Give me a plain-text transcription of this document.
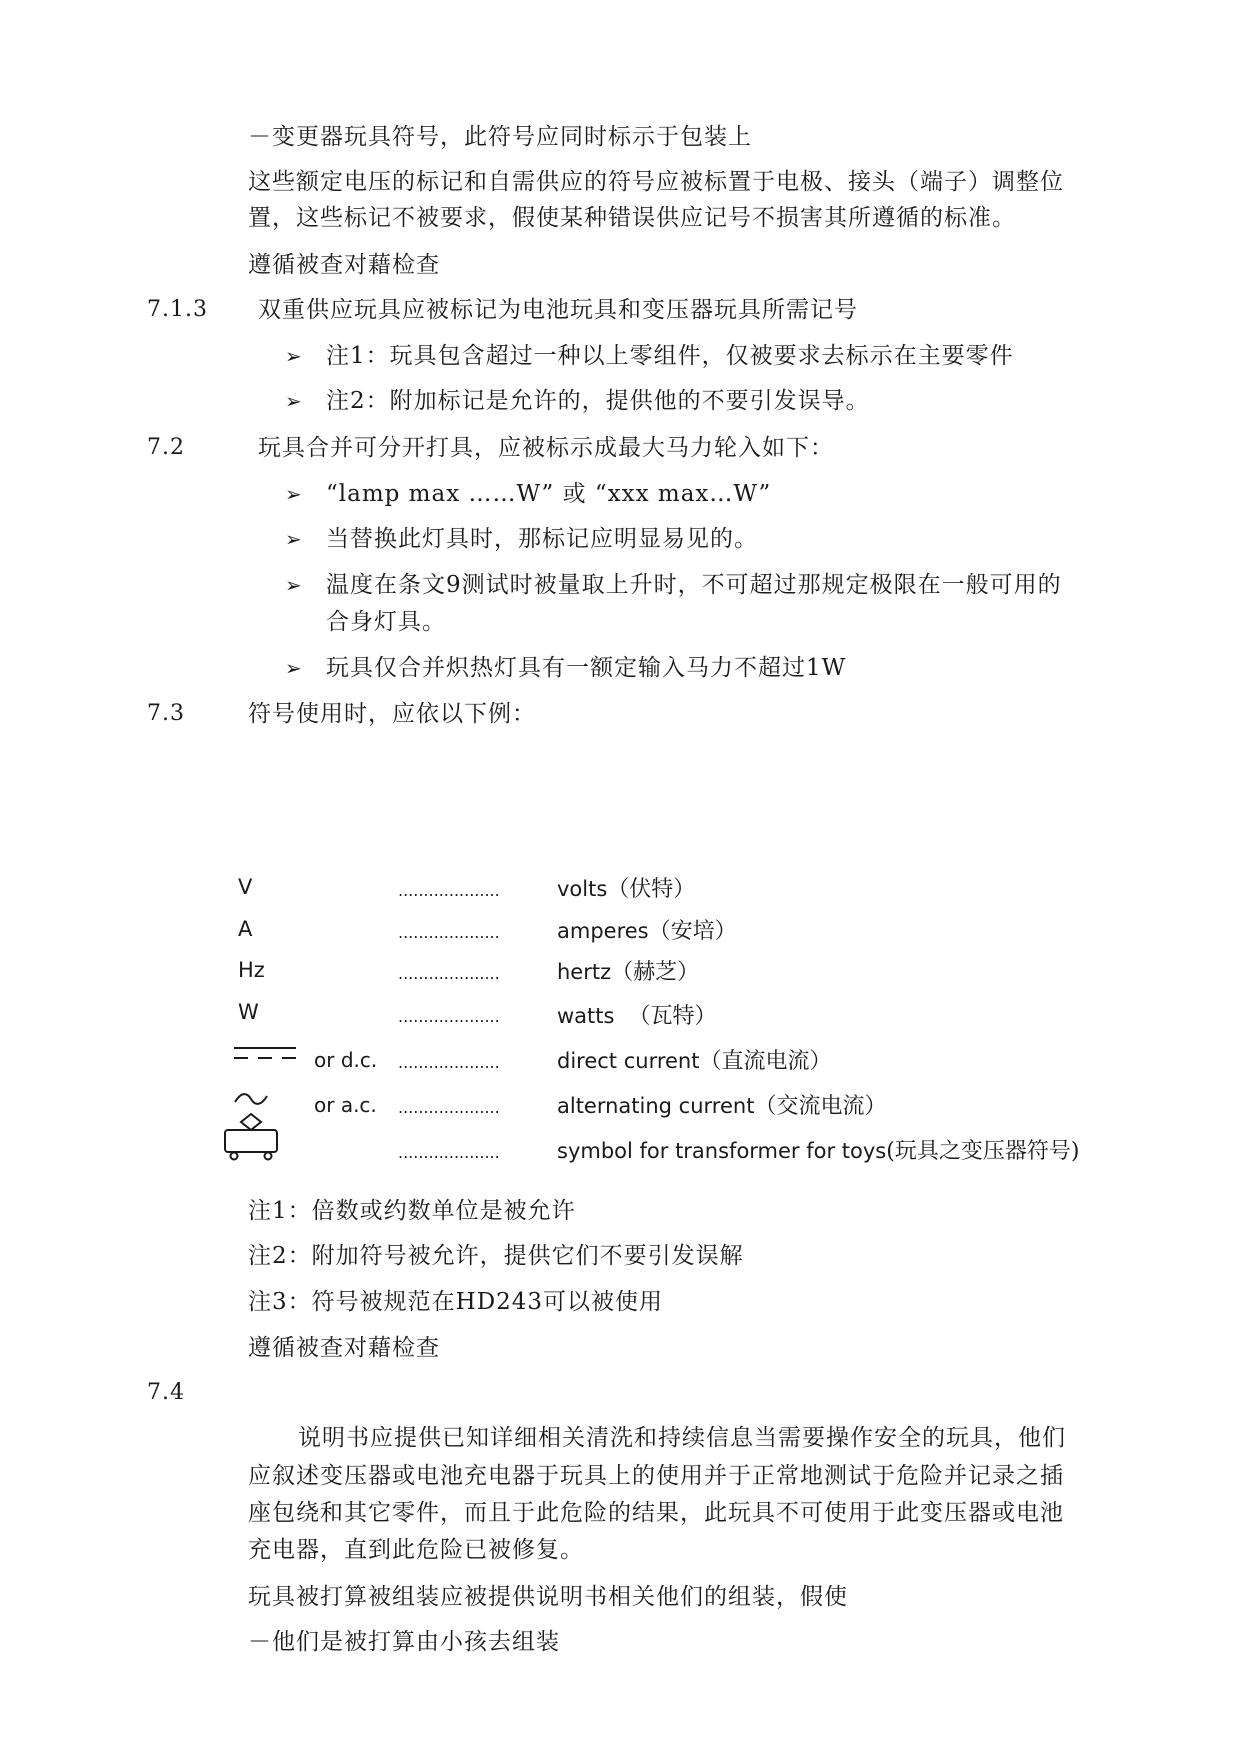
－变更器玩具符号，此符号应同时标示于包装上
这些额定电压的标记和自需供应的符号应被标置于电极、接头（端子）调整位
置，这些标记不被要求，假使某种错误供应记号不损害其所遵循的标准。
遵循被查对藉检查
7.1.3 双重供应玩具应被标记为电池玩具和变压器玩具所需记号
➢ 注1：玩具包含超过一种以上零组件，仅被要求去标示在主要零件
➢ 注2：附加标记是允许的，提供他的不要引发误导。
7.2	玩具合并可分开打具，应被标示成最大马力轮入如下：
➢ “lamp max ……W” 或 “xxx max…W”
➢ 当替换此灯具时，那标记应明显易见的。
➢ 温度在条文9测试时被量取上升时，不可超过那规定极限在一般可用的
合身灯具。
➢ 玩具仅合并炽热灯具有一额定输入马力不超过1W
7.3	符号使用时，应依以下例：
V	....................	volts（伏特）
A	....................	amperes（安培）
Hz	....................	hertz（赫芝）
W	....................	watts （瓦特）
or d.c. ....................	direct current（直流电流）
or a.c. ....................	alternating current（交流电流）
....................	symbol for transformer for toys(玩具之变压器符号)
注1：倍数或约数单位是被允许
注2：附加符号被允许，提供它们不要引发误解
注3：符号被规范在HD243可以被使用
遵循被查对藉检查
7.4
说明书应提供已知详细相关清洗和持续信息当需要操作安全的玩具，他们
应叙述变压器或电池充电器于玩具上的使用并于正常地测试于危险并记录之插
座包绕和其它零件，而且于此危险的结果，此玩具不可使用于此变压器或电池
充电器，直到此危险已被修复。
玩具被打算被组装应被提供说明书相关他们的组装，假使
－他们是被打算由小孩去组装
